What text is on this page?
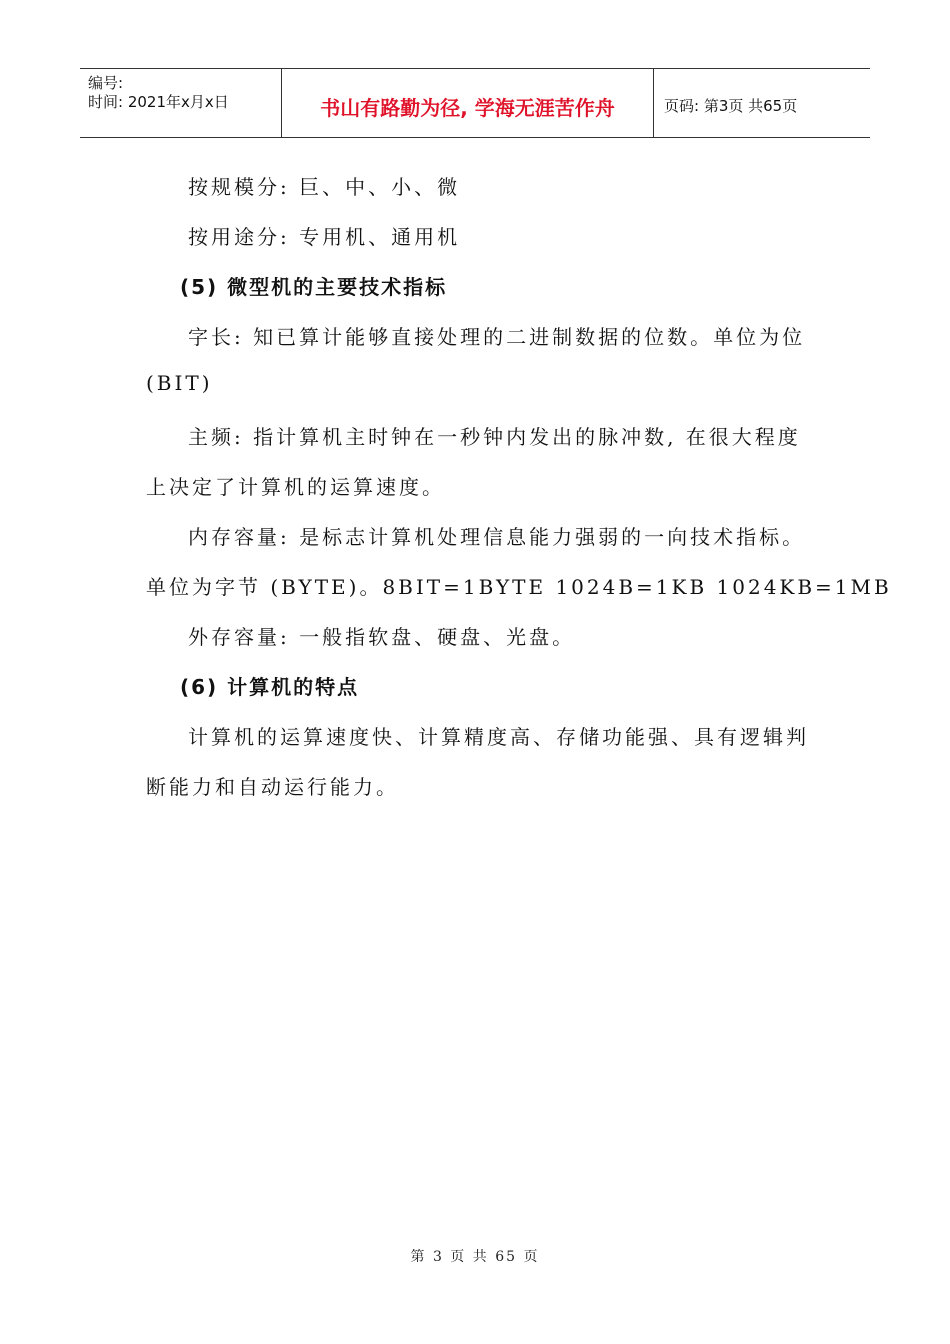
编号:
时间: 2021年x月x日	书山有路勤为径, 学海无涯苦作舟	页码: 第3页 共65页
按规模分: 巨、中、小、微
按用途分: 专用机、通用机
(5) 微型机的主要技术指标
字长: 知已算计能够直接处理的二进制数据的位数。单位为位
(BIT)
主频: 指计算机主时钟在一秒钟内发出的脉冲数, 在很大程度
上决定了计算机的运算速度。
内存容量: 是标志计算机处理信息能力强弱的一向技术指标。
单位为字节 (BYTE)。8BIT=1BYTE 1024B=1KB 1024KB=1MB
外存容量: 一般指软盘、硬盘、光盘。
(6) 计算机的特点
计算机的运算速度快、计算精度高、存储功能强、具有逻辑判
断能力和自动运行能力。
第 3 页 共 65 页
